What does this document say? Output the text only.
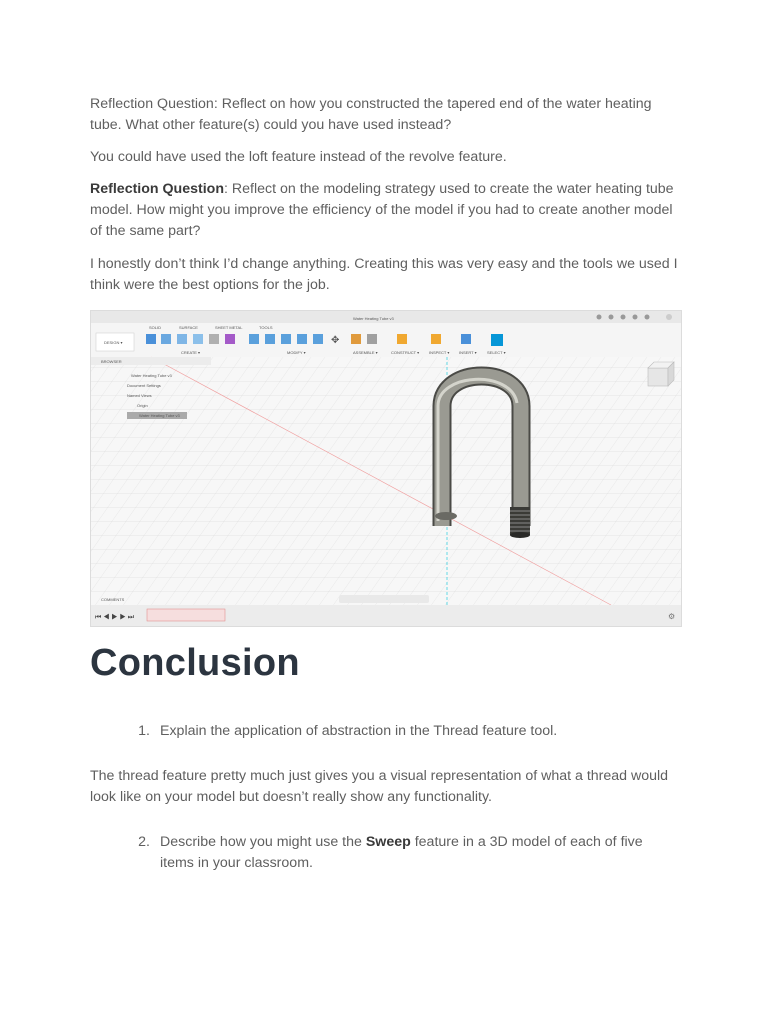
Reflection Question: Reflect on how you constructed the tapered end of the water heating tube. What other feature(s) could you have used instead?

You could have used the loft feature instead of the revolve feature.

Reflection Question: Reflect on the modeling strategy used to create the water heating tube model. How might you improve the efficiency of the model if you had to create another model of the same part?

I honestly don’t think I’d change anything. Creating this was very easy and the tools we used I think were the best options for the job.

Water Heating Tube v3
SOLID	SURFACE	SHEET METAL	TOOLS
DESIGN ▾	✥
CREATE ▾	MODIFY ▾	ASSEMBLE ▾	CONSTRUCT ▾ INSPECT ▾ INSERT ▾	SELECT ▾
BROWSER
Water Heating Tube v3
Document Settings
Named Views
Origin
Water Heating Tube v3
COMMENTS
⏮ ◀ ▶ ▶ ⏭	⚙
Conclusion
1. Explain the application of abstraction in the Thread feature tool.

The thread feature pretty much just gives you a visual representation of what a thread would look like on your model but doesn’t really show any functionality.

2. Describe how you might use the Sweep feature in a 3D model of each of five items in your classroom.
